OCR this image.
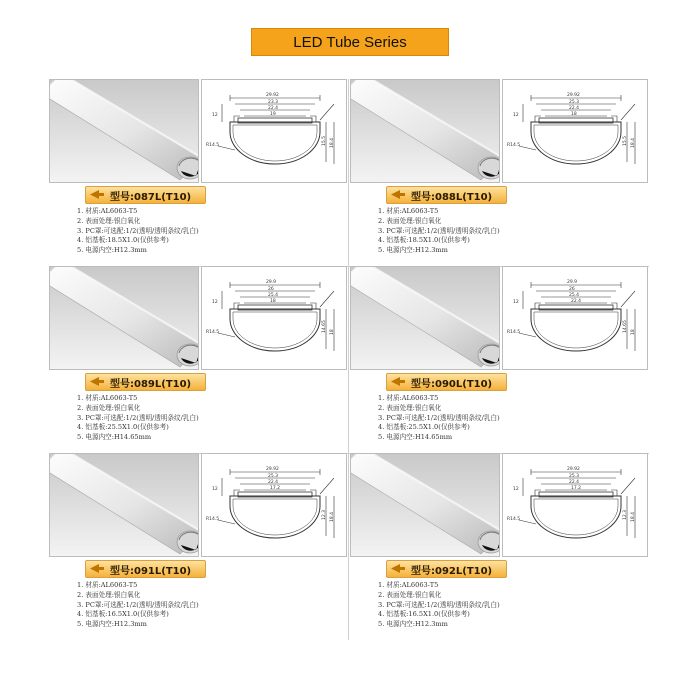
LED Tube Series
29.92
23.3
22.4
19
12
15.5 18.4
R14.5
型号:087L(T10)
1. 材质:AL6063-T5
2. 表面处理:银白氧化
3. PC罩:可选配:1/2(透明/透明条纹/乳白)
4. 铝基板:18.5X1.0(仅供参考)
5. 电源内空:H12.3mm
29.92
25.3
22.4
18
12
15.5 18.4
R14.5
型号:088L(T10)
1. 材质:AL6063-T5
2. 表面处理:银白氧化
3. PC罩:可选配:1/2(透明/透明条纹/乳白)
4. 铝基板:18.5X1.0(仅供参考)
5. 电源内空:H12.3mm
29.9
26
25.4
18
12
14.65 18
R14.5
型号:089L(T10)
1. 材质:AL6063-T5
2. 表面处理:银白氧化
3. PC罩:可选配:1/2(透明/透明条纹/乳白)
4. 铝基板:25.5X1.0(仅供参考)
5. 电源内空:H14.65mm
29.9
26
25.4
22.4
12
14.65 18
R14.5
型号:090L(T10)
1. 材质:AL6063-T5
2. 表面处理:银白氧化
3. PC罩:可选配:1/2(透明/透明条纹/乳白)
4. 铝基板:25.5X1.0(仅供参考)
5. 电源内空:H14.65mm
29.92
25.3
22.4
17.2
12
12.3 18.4
R14.5
型号:091L(T10)
1. 材质:AL6063-T5
2. 表面处理:银白氧化
3. PC罩:可选配:1/2(透明/透明条纹/乳白)
4. 铝基板:16.5X1.0(仅供参考)
5. 电源内空:H12.3mm
29.92
25.3
22.4
17.2
12
12.3 18.4
R14.5
型号:092L(T10)
1. 材质:AL6063-T5
2. 表面处理:银白氧化
3. PC罩:可选配:1/2(透明/透明条纹/乳白)
4. 铝基板:16.5X1.0(仅供参考)
5. 电源内空:H12.3mm
